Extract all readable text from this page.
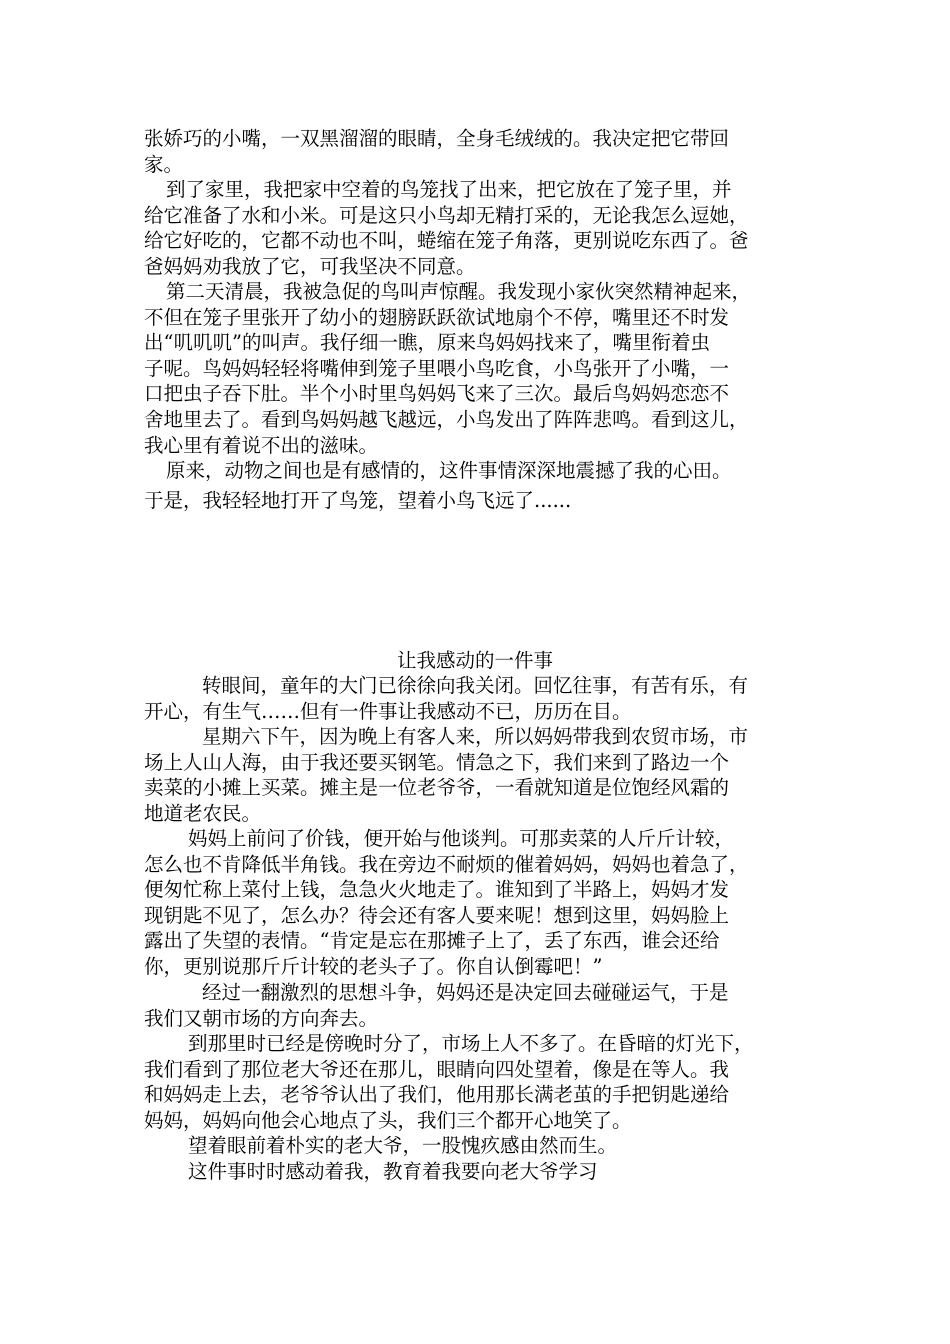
张娇巧的小嘴，一双黑溜溜的眼睛，全身毛绒绒的。我决定把它带回
家。
到了家里，我把家中空着的鸟笼找了出来，把它放在了笼子里，并
给它准备了水和小米。可是这只小鸟却无精打采的，无论我怎么逗她，
给它好吃的，它都不动也不叫，蜷缩在笼子角落，更别说吃东西了。爸
爸妈妈劝我放了它，可我坚决不同意。
第二天清晨，我被急促的鸟叫声惊醒。我发现小家伙突然精神起来，
不但在笼子里张开了幼小的翅膀跃跃欲试地扇个不停，嘴里还不时发
出“叽叽叽”的叫声。我仔细一瞧，原来鸟妈妈找来了，嘴里衔着虫
子呢。鸟妈妈轻轻将嘴伸到笼子里喂小鸟吃食，小鸟张开了小嘴，一
口把虫子吞下肚。半个小时里鸟妈妈飞来了三次。最后鸟妈妈恋恋不
舍地里去了。看到鸟妈妈越飞越远，小鸟发出了阵阵悲鸣。看到这儿，
我心里有着说不出的滋味。
原来，动物之间也是有感情的，这件事情深深地震撼了我的心田。
于是，我轻轻地打开了鸟笼，望着小鸟飞远了......
让我感动的一件事
转眼间，童年的大门已徐徐向我关闭。回忆往事，有苦有乐，有
开心，有生气……但有一件事让我感动不已，历历在目。
星期六下午，因为晚上有客人来，所以妈妈带我到农贸市场，市
场上人山人海，由于我还要买钢笔。情急之下，我们来到了路边一个
卖菜的小摊上买菜。摊主是一位老爷爷，一看就知道是位饱经风霜的
地道老农民。
妈妈上前问了价钱，便开始与他谈判。可那卖菜的人斤斤计较，
怎么也不肯降低半角钱。我在旁边不耐烦的催着妈妈，妈妈也着急了，
便匆忙称上菜付上钱，急急火火地走了。谁知到了半路上，妈妈才发
现钥匙不见了，怎么办？待会还有客人要来呢！想到这里，妈妈脸上
露出了失望的表情。“肯定是忘在那摊子上了，丢了东西，谁会还给
你，更别说那斤斤计较的老头子了。你自认倒霉吧！”
经过一翻激烈的思想斗争，妈妈还是决定回去碰碰运气，于是
我们又朝市场的方向奔去。
到那里时已经是傍晚时分了，市场上人不多了。在昏暗的灯光下，
我们看到了那位老大爷还在那儿，眼睛向四处望着，像是在等人。我
和妈妈走上去，老爷爷认出了我们，他用那长满老茧的手把钥匙递给
妈妈，妈妈向他会心地点了头，我们三个都开心地笑了。
望着眼前着朴实的老大爷，一股愧疚感由然而生。
这件事时时感动着我，教育着我要向老大爷学习
